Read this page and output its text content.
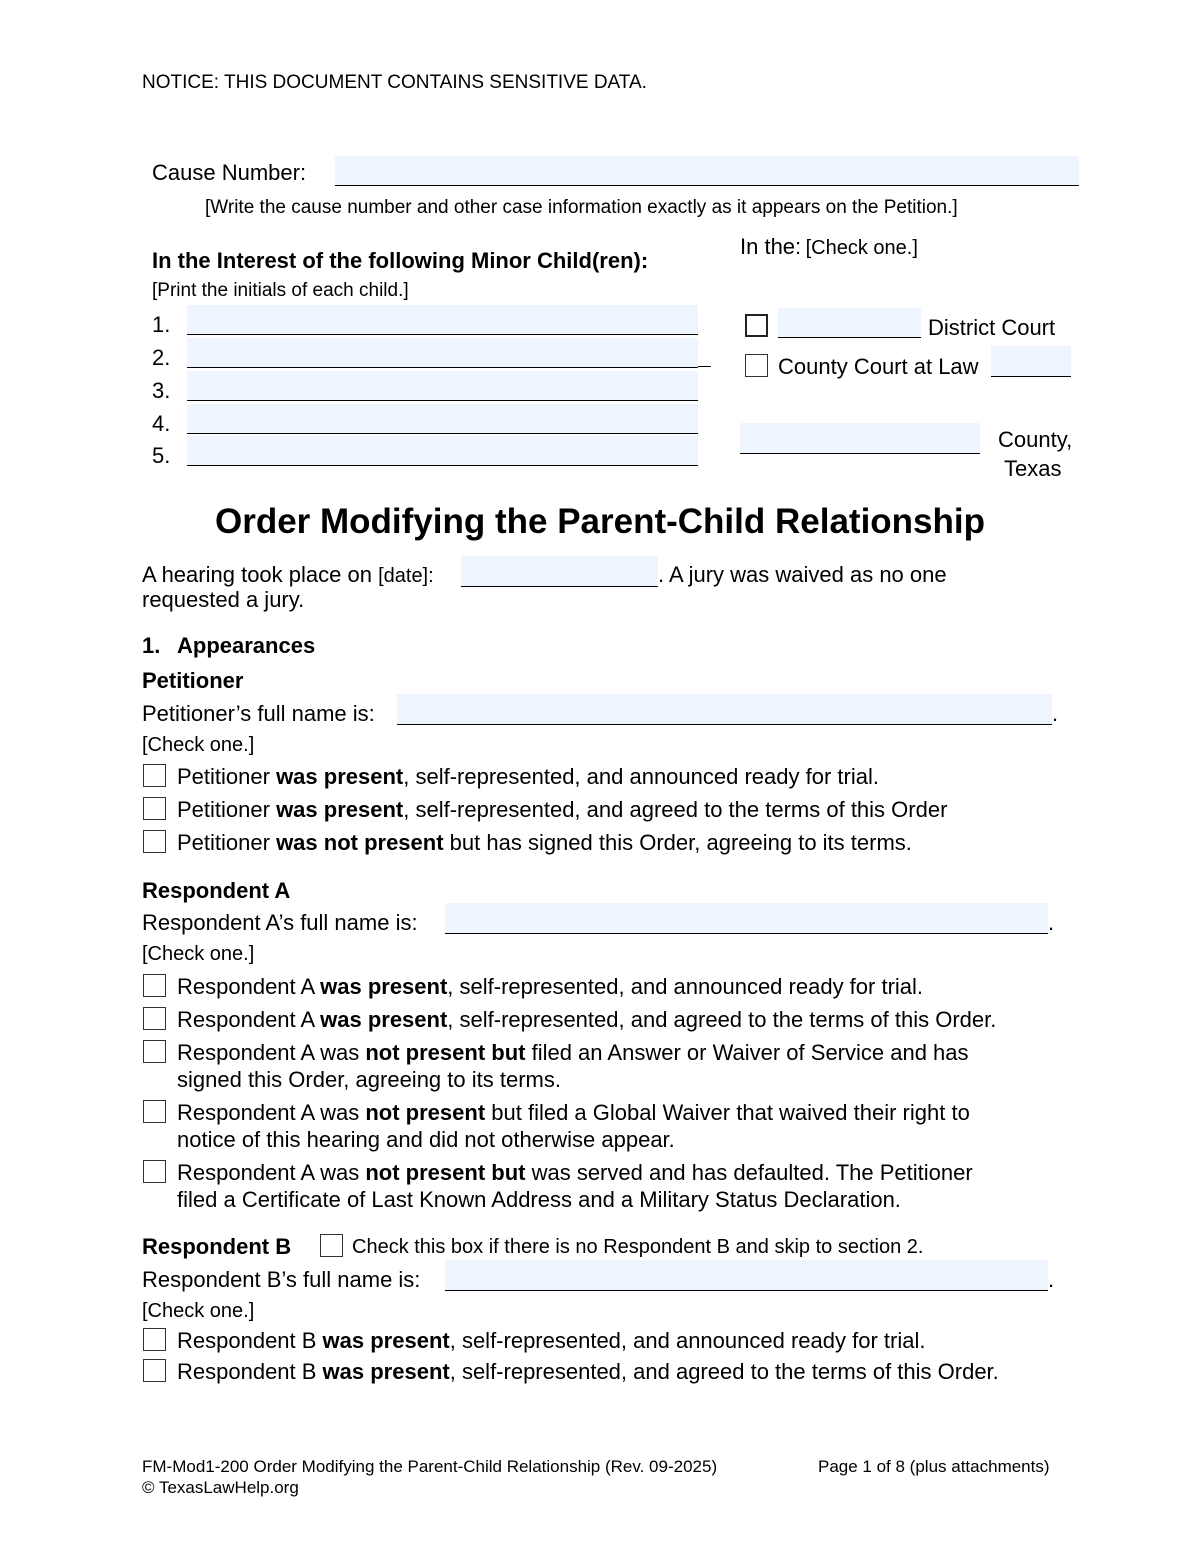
NOTICE: THIS DOCUMENT CONTAINS SENSITIVE DATA.
Cause Number:
[Write the cause number and other case information exactly as it appears on the Petition.]
In the Interest of the following Minor Child(ren):
[Print the initials of each child.]
1.
2.
3.
4.
5.
In the: [Check one.]
District Court
County Court at Law
County,
Texas
Order Modifying the Parent-Child Relationship
A hearing took place on [date]:	. A jury was waived as no one
requested a jury.
1. Appearances
Petitioner
Petitioner’s full name is:	.
[Check one.]
Petitioner was present, self-represented, and announced ready for trial.
Petitioner was present, self-represented, and agreed to the terms of this Order
Petitioner was not present but has signed this Order, agreeing to its terms.
Respondent A
Respondent A’s full name is:	.
[Check one.]
Respondent A was present, self-represented, and announced ready for trial.
Respondent A was present, self-represented, and agreed to the terms of this Order.
Respondent A was not present but filed an Answer or Waiver of Service and has
signed this Order, agreeing to its terms.
Respondent A was not present but filed a Global Waiver that waived their right to
notice of this hearing and did not otherwise appear.
Respondent A was not present but was served and has defaulted. The Petitioner
filed a Certificate of Last Known Address and a Military Status Declaration.
Respondent B	Check this box if there is no Respondent B and skip to section 2.
Respondent B’s full name is:	.
[Check one.]
Respondent B was present, self-represented, and announced ready for trial.
Respondent B was present, self-represented, and agreed to the terms of this Order.
FM-Mod1-200 Order Modifying the Parent-Child Relationship (Rev. 09-2025)
© TexasLawHelp.org
Page 1 of 8 (plus attachments)
